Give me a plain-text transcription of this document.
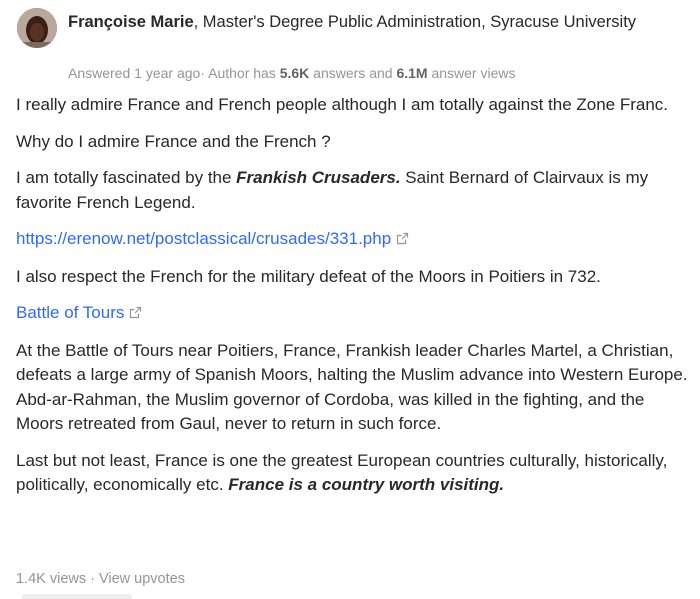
Françoise Marie, Master's Degree Public Administration, Syracuse University
Answered 1 year ago· Author has 5.6K answers and 6.1M answer views

I really admire France and French people although I am totally against the Zone Franc.

Why do I admire France and the French ?

I am totally fascinated by the Frankish Crusaders. Saint Bernard of Clairvaux is my favorite French Legend.

https://erenow.net/postclassical/crusades/331.php

I also respect the French for the military defeat of the Moors in Poitiers in 732.

Battle of Tours

At the Battle of Tours near Poitiers, France, Frankish leader Charles Martel, a Christian, defeats a large army of Spanish Moors, halting the Muslim advance into Western Europe. Abd-ar-Rahman, the Muslim governor of Cordoba, was killed in the fighting, and the Moors retreated from Gaul, never to return in such force.

Last but not least, France is one the greatest European countries culturally, historically, politically, economically etc. France is a country worth visiting.

1.4K views · View upvotes
